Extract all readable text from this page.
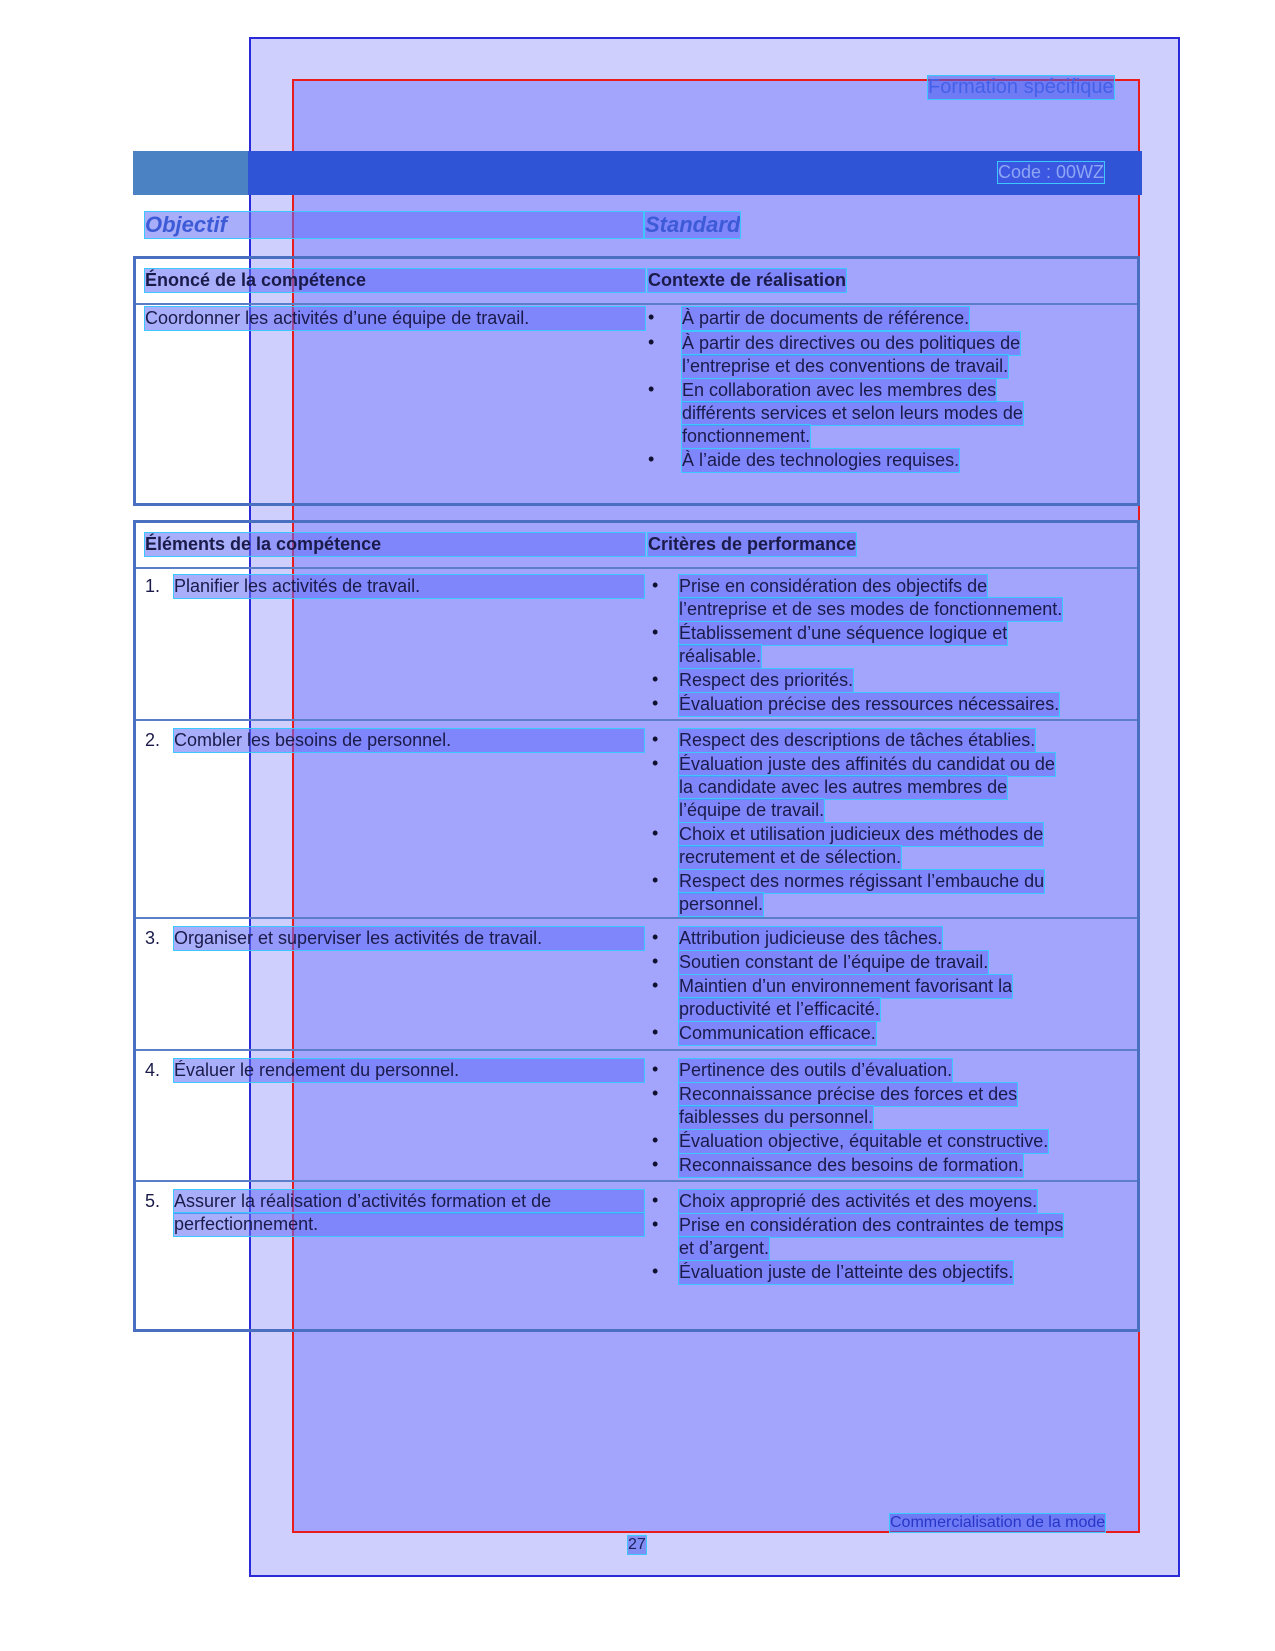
Formation spécifique
Code : 00WZ
Objectif	Standard
Énoncé de la compétence	Contexte de réalisation
Coordonner les activités d’une équipe de travail.	• À partir de documents de référence.
• À partir des directives ou des politiques de
l’entreprise et des conventions de travail.
• En collaboration avec les membres des
différents services et selon leurs modes de
fonctionnement.
• À l’aide des technologies requises.
Éléments de la compétence	Critères de performance
1. Planifier les activités de travail.	• Prise en considération des objectifs de
l’entreprise et de ses modes de fonctionnement.
• Établissement d’une séquence logique et
réalisable.
• Respect des priorités.
• Évaluation précise des ressources nécessaires.
2. Combler les besoins de personnel.	• Respect des descriptions de tâches établies.
• Évaluation juste des affinités du candidat ou de
la candidate avec les autres membres de
l’équipe de travail.
• Choix et utilisation judicieux des méthodes de
recrutement et de sélection.
• Respect des normes régissant l’embauche du
personnel.
3. Organiser et superviser les activités de travail.	• Attribution judicieuse des tâches.
• Soutien constant de l’équipe de travail.
• Maintien d’un environnement favorisant la
productivité et l’efficacité.
• Communication efficace.
4. Évaluer le rendement du personnel.	• Pertinence des outils d’évaluation.
• Reconnaissance précise des forces et des
faiblesses du personnel.
• Évaluation objective, équitable et constructive.
• Reconnaissance des besoins de formation.
5. Assurer la réalisation d’activités formation et de
perfectionnement.
• Choix approprié des activités et des moyens.
• Prise en considération des contraintes de temps
et d’argent.
• Évaluation juste de l’atteinte des objectifs.
27
Commercialisation de la mode
